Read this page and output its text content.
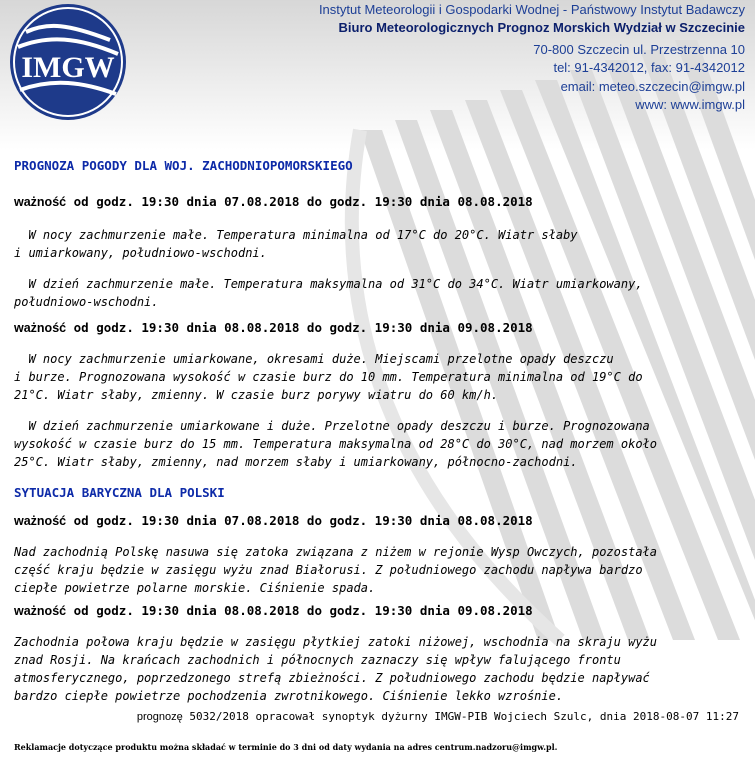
IMGW
Instytut Meteorologii i Gospodarki Wodnej - Państwowy Instytut Badawczy
Biuro Meteorologicznych Prognoz Morskich Wydział w Szczecinie
70-800 Szczecin ul. Przestrzenna 10
tel: 91-4342012, fax: 91-4342012
email: meteo.szczecin@imgw.pl
www: www.imgw.pl
PROGNOZA POGODY DLA WOJ. ZACHODNIOPOMORSKIEGO
ważność od godz. 19:30 dnia 07.08.2018 do godz. 19:30 dnia 08.08.2018
W nocy zachmurzenie małe. Temperatura minimalna od 17°C do 20°C. Wiatr słaby
i umiarkowany, południowo-wschodni.
W dzień zachmurzenie małe. Temperatura maksymalna od 31°C do 34°C. Wiatr umiarkowany,
południowo-wschodni.
ważność od godz. 19:30 dnia 08.08.2018 do godz. 19:30 dnia 09.08.2018
W nocy zachmurzenie umiarkowane, okresami duże. Miejscami przelotne opady deszczu
i burze. Prognozowana wysokość w czasie burz do 10 mm. Temperatura minimalna od 19°C do
21°C. Wiatr słaby, zmienny. W czasie burz porywy wiatru do 60 km/h.
W dzień zachmurzenie umiarkowane i duże. Przelotne opady deszczu i burze. Prognozowana
wysokość w czasie burz do 15 mm. Temperatura maksymalna od 28°C do 30°C, nad morzem około
25°C. Wiatr słaby, zmienny, nad morzem słaby i umiarkowany, północno-zachodni.
SYTUACJA BARYCZNA DLA POLSKI
ważność od godz. 19:30 dnia 07.08.2018 do godz. 19:30 dnia 08.08.2018
Nad zachodnią Polskę nasuwa się zatoka związana z niżem w rejonie Wysp Owczych, pozostała
część kraju będzie w zasięgu wyżu znad Białorusi. Z południowego zachodu napływa bardzo
ciepłe powietrze polarne morskie. Ciśnienie spada.
ważność od godz. 19:30 dnia 08.08.2018 do godz. 19:30 dnia 09.08.2018
Zachodnia połowa kraju będzie w zasięgu płytkiej zatoki niżowej, wschodnia na skraju wyżu
znad Rosji. Na krańcach zachodnich i północnych zaznaczy się wpływ falującego frontu
atmosferycznego, poprzedzonego strefą zbieżności. Z południowego zachodu będzie napływać
bardzo ciepłe powietrze pochodzenia zwrotnikowego. Ciśnienie lekko wzrośnie.
prognozę 5032/2018 opracował synoptyk dyżurny IMGW-PIB Wojciech Szulc, dnia 2018-08-07 11:27
Reklamacje dotyczące produktu można składać w terminie do 3 dni od daty wydania na adres centrum.nadzoru@imgw.pl.
